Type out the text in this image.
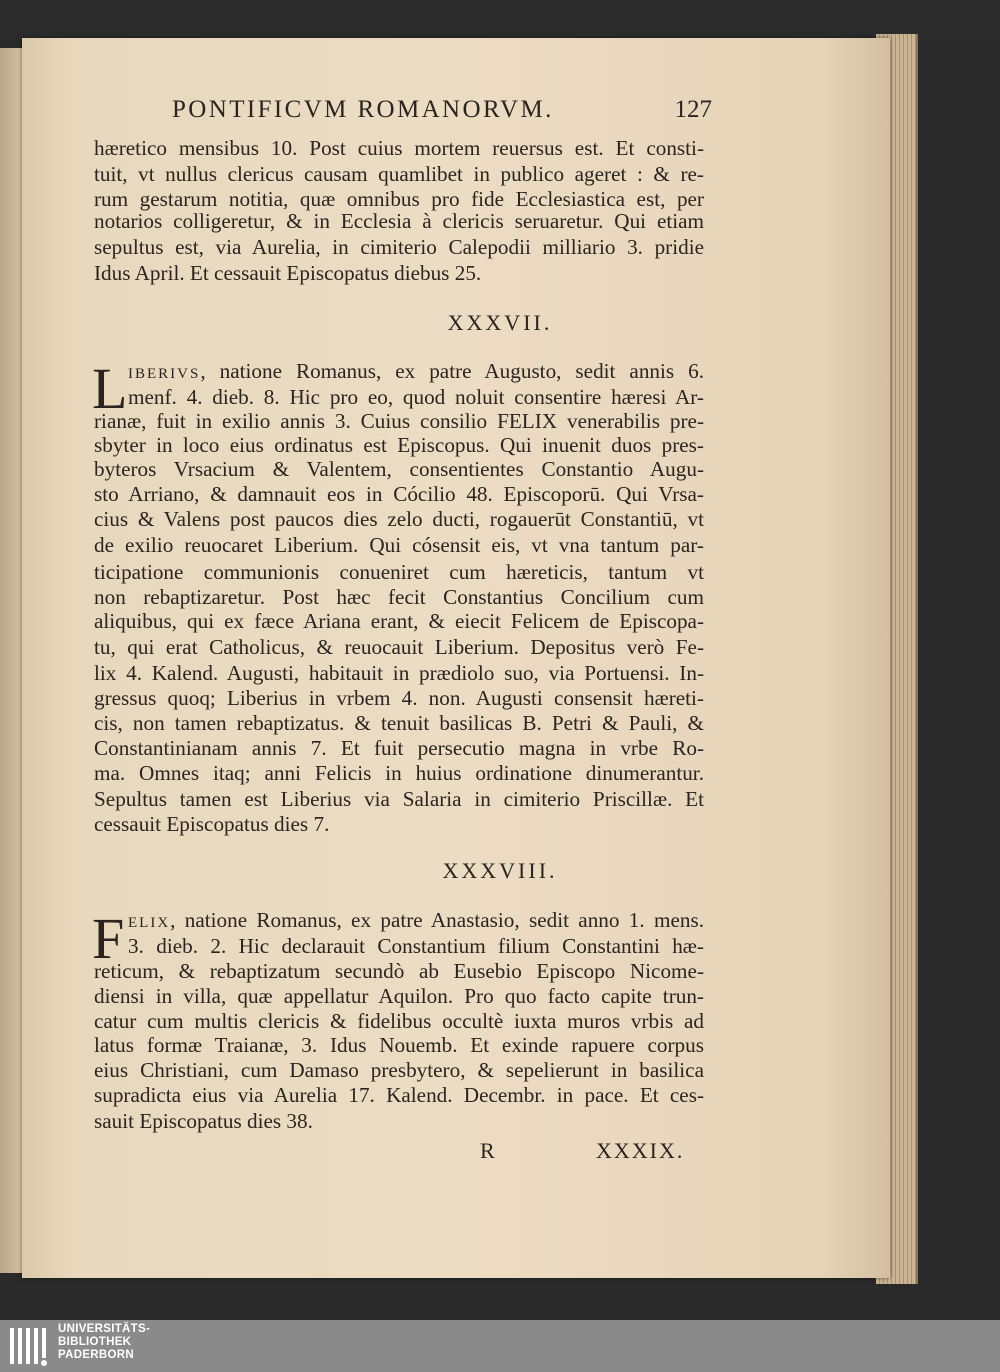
PONTIFICVM ROMANORVM.	127
hæretico mensibus 10. Post cuius mortem reuersus est. Et consti-
tuit, vt nullus clericus causam quamlibet in publico ageret : & re-
rum gestarum notitia, quæ omnibus pro fide Ecclesiastica est, per
notarios colligeretur, & in Ecclesia à clericis seruaretur. Qui etiam
sepultus est, via Aurelia, in cimiterio Calepodii milliario 3. pridie
Idus April. Et cessauit Episcopatus diebus 25.
XXXVII.
L IBERIVS, natione Romanus, ex patre Augusto, sedit annis 6.
menf. 4. dieb. 8. Hic pro eo, quod noluit consentire hæresi Ar-
rianæ, fuit in exilio annis 3. Cuius consilio FELIX venerabilis pre-
sbyter in loco eius ordinatus est Episcopus. Qui inuenit duos pres-
byteros Vrsacium & Valentem, consentientes Constantio Augu-
sto Arriano, & damnauit eos in Cócilio 48. Episcoporū. Qui Vrsa-
cius & Valens post paucos dies zelo ducti, rogauerūt Constantiū, vt
de exilio reuocaret Liberium. Qui cósensit eis, vt vna tantum par-
ticipatione communionis conueniret cum hæreticis, tantum vt
non rebaptizaretur. Post hæc fecit Constantius Concilium cum
aliquibus, qui ex fæce Ariana erant, & eiecit Felicem de Episcopa-
tu, qui erat Catholicus, & reuocauit Liberium. Depositus verò Fe-
lix 4. Kalend. Augusti, habitauit in prædiolo suo, via Portuensi. In-
gressus quoq; Liberius in vrbem 4. non. Augusti consensit hæreti-
cis, non tamen rebaptizatus. & tenuit basilicas B. Petri & Pauli, &
Constantinianam annis 7. Et fuit persecutio magna in vrbe Ro-
ma. Omnes itaq; anni Felicis in huius ordinatione dinumerantur.
Sepultus tamen est Liberius via Salaria in cimiterio Priscillæ. Et
cessauit Episcopatus dies 7.
XXXVIII.
F ELIX, natione Romanus, ex patre Anastasio, sedit anno 1. mens.
3. dieb. 2. Hic declarauit Constantium filium Constantini hæ-
reticum, & rebaptizatum secundò ab Eusebio Episcopo Nicome-
diensi in villa, quæ appellatur Aquilon. Pro quo facto capite trun-
catur cum multis clericis & fidelibus occultè iuxta muros vrbis ad
latus formæ Traianæ, 3. Idus Nouemb. Et exinde rapuere corpus
eius Christiani, cum Damaso presbytero, & sepelierunt in basilica
supradicta eius via Aurelia 17. Kalend. Decembr. in pace. Et ces-
sauit Episcopatus dies 38.
R	XXXIX.
UNIVERSITÄTS-
BIBLIOTHEK
PADERBORN
